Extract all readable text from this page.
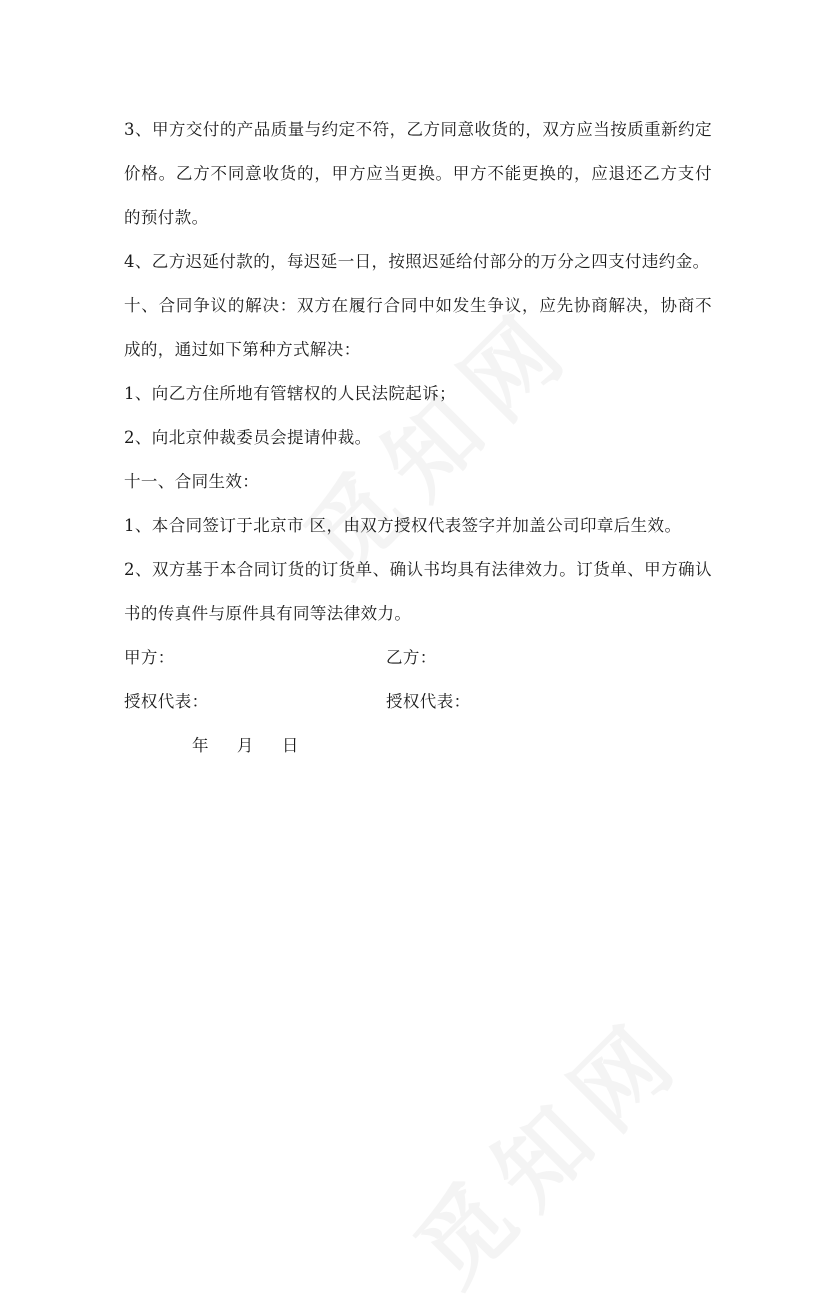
3、甲方交付的产品质量与约定不符，乙方同意收货的，双方应当按质重新约定价格。乙方不同意收货的，甲方应当更换。甲方不能更换的，应退还乙方支付的预付款。

4、乙方迟延付款的，每迟延一日，按照迟延给付部分的万分之四支付违约金。

十、合同争议的解决：双方在履行合同中如发生争议，应先协商解决，协商不成的，通过如下第种方式解决：

1、向乙方住所地有管辖权的人民法院起诉；

2、向北京仲裁委员会提请仲裁。

十一、合同生效：

1、本合同签订于北京市 区，由双方授权代表签字并加盖公司印章后生效。

2、双方基于本合同订货的订货单、确认书均具有法律效力。订货单、甲方确认书的传真件与原件具有同等法律效力。

甲方：	乙方：
授权代表：	授权代表：

年 月 日
